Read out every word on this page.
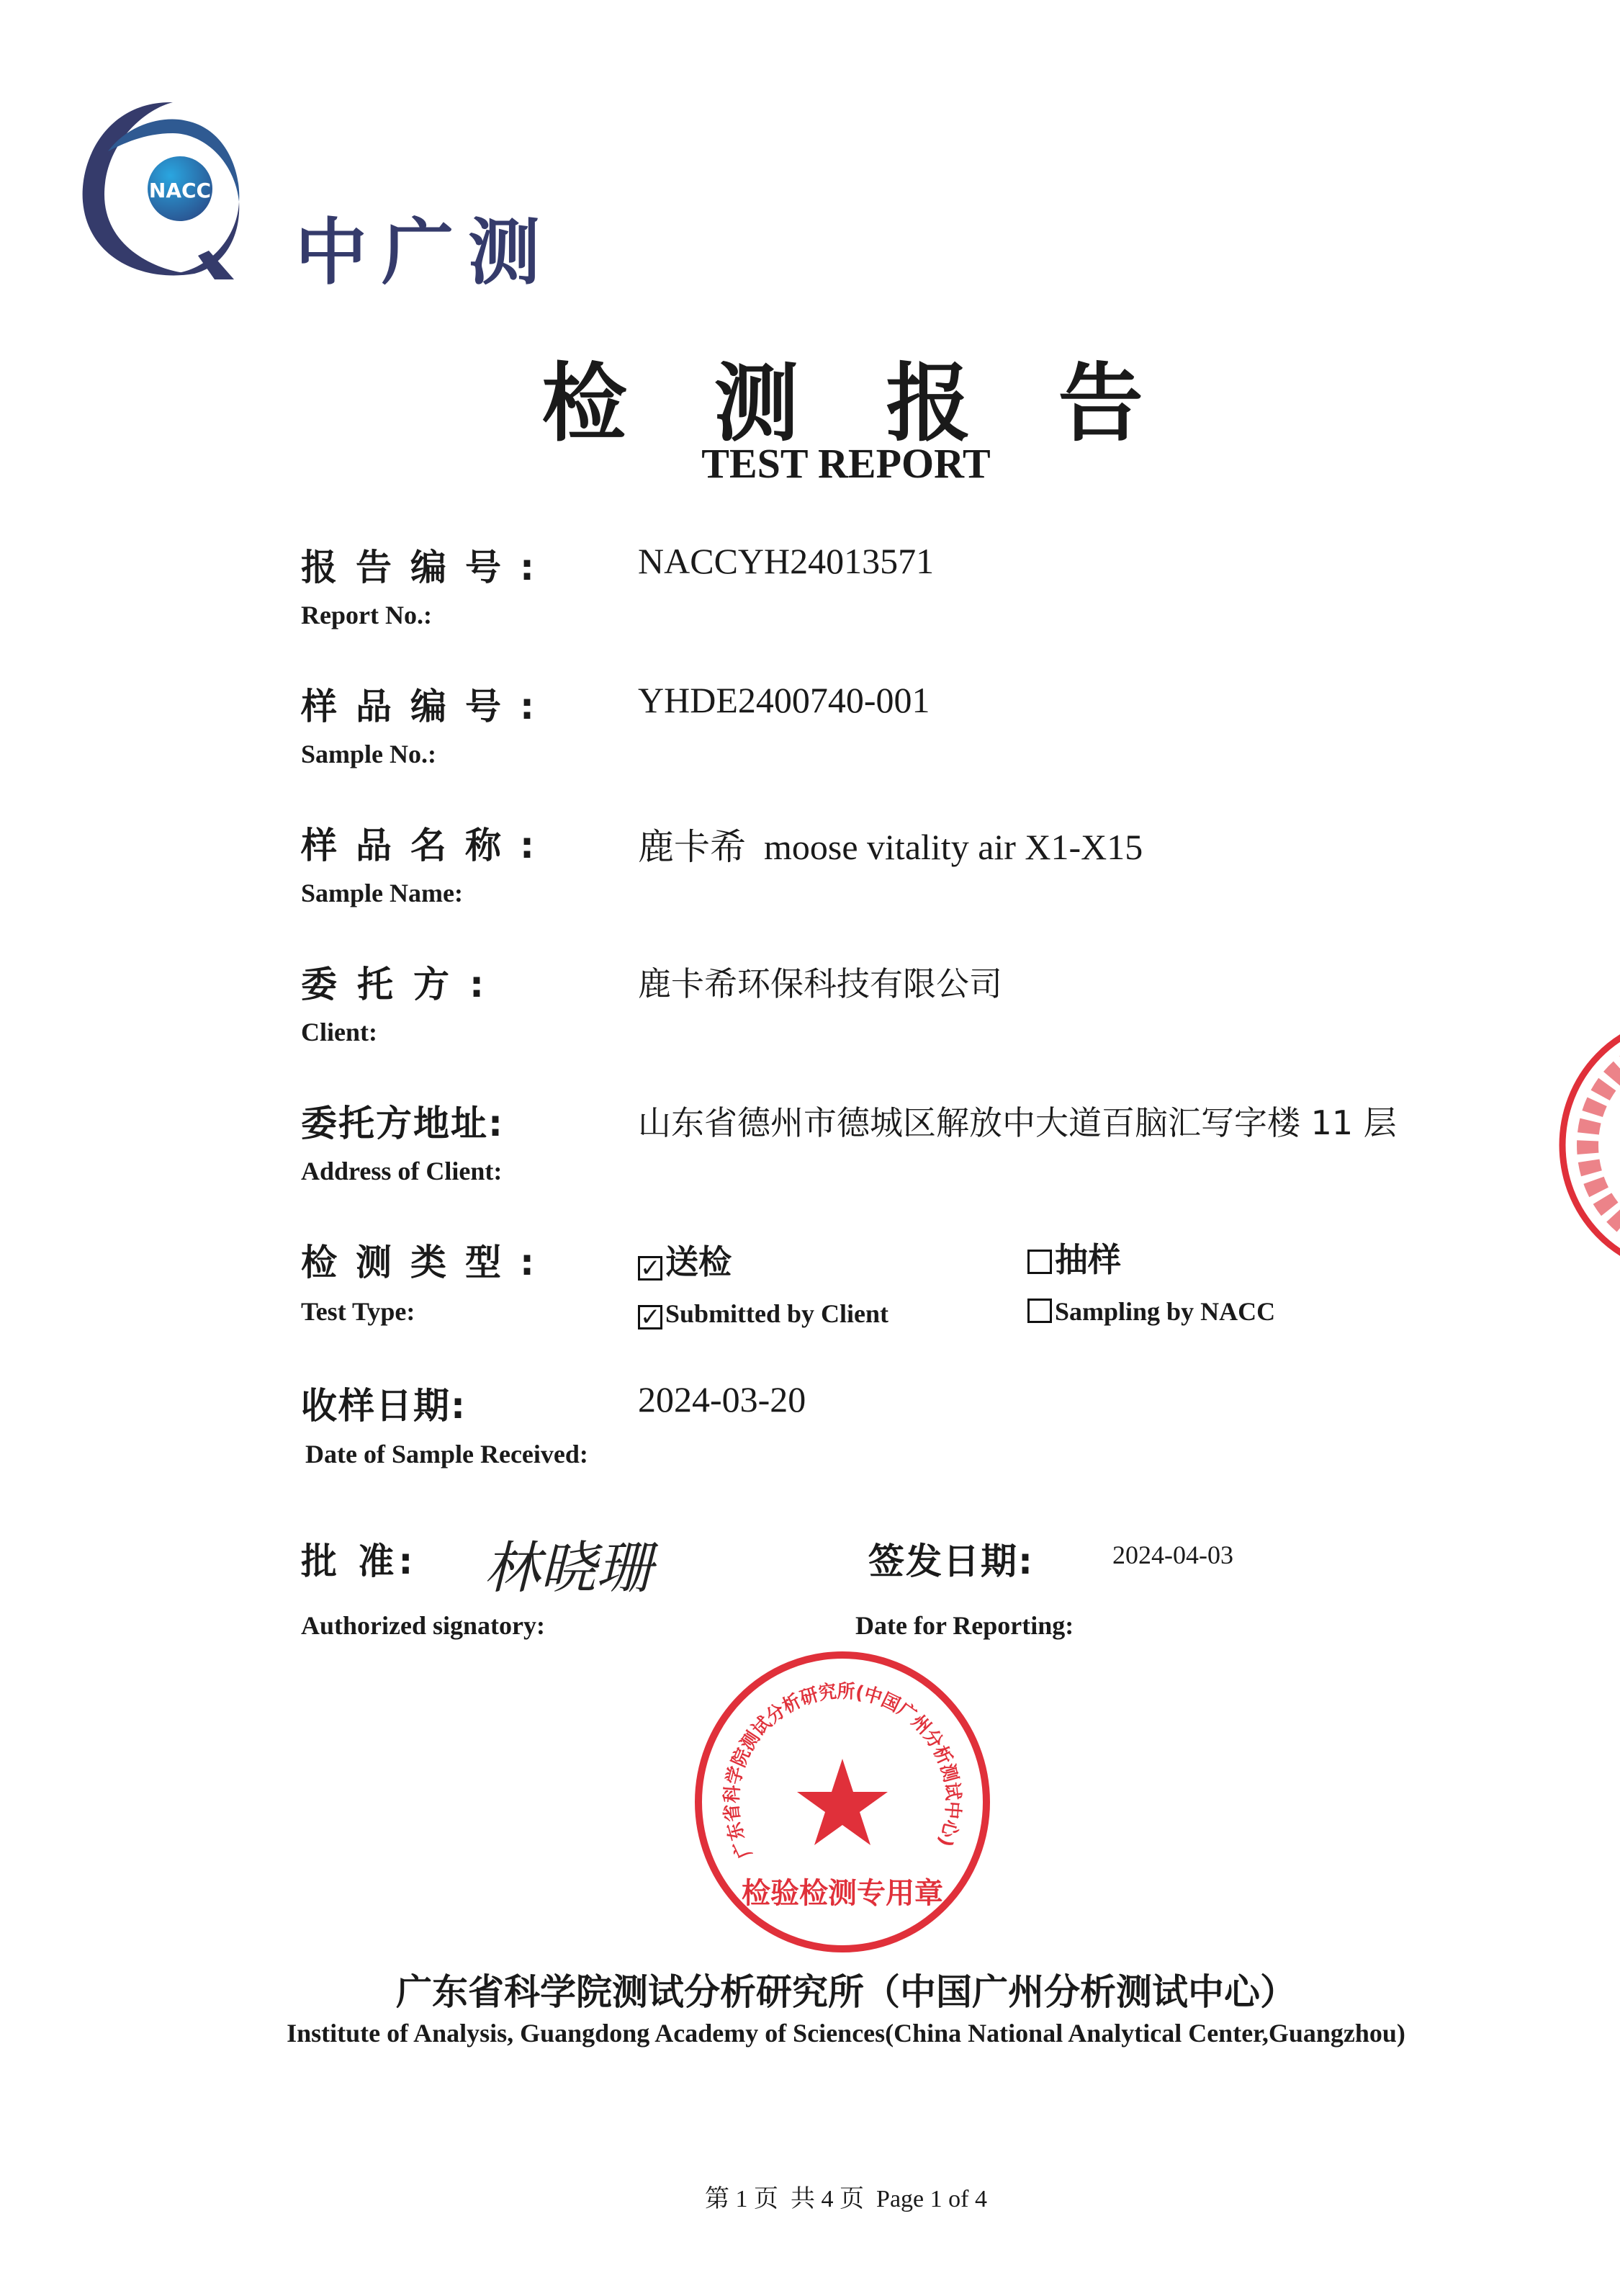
NACC
中广测
检 测 报 告
TEST REPORT
报告编号:
Report No.:
NACCYH24013571
样品编号:
Sample No.:
YHDE2400740-001
样品名称:
Sample Name:
鹿卡希  moose vitality air X1-X15
委托方:
Client:
鹿卡希环保科技有限公司
委托方地址:
Address of Client:
山东省德州市德城区解放中大道百脑汇写字楼 11 层
检测类型:
Test Type:
✓ 送检
✓ Submitted by Client
抽样
Sampling by NACC
收样日期:
Date of Sample Received:
2024-03-20
批 准:
Authorized signatory:
林晓珊	签发日期:
Date for Reporting:
2024-04-03
广东省科学院测试分析研究所(中国广州分析测试中心)
检验检测专用章
广东省科学院测试分析研究所（中国广州分析测试中心）
Institute of Analysis, Guangdong Academy of Sciences(China National Analytical Center,Guangzhou)
第 1 页  共 4 页  Page 1 of 4
